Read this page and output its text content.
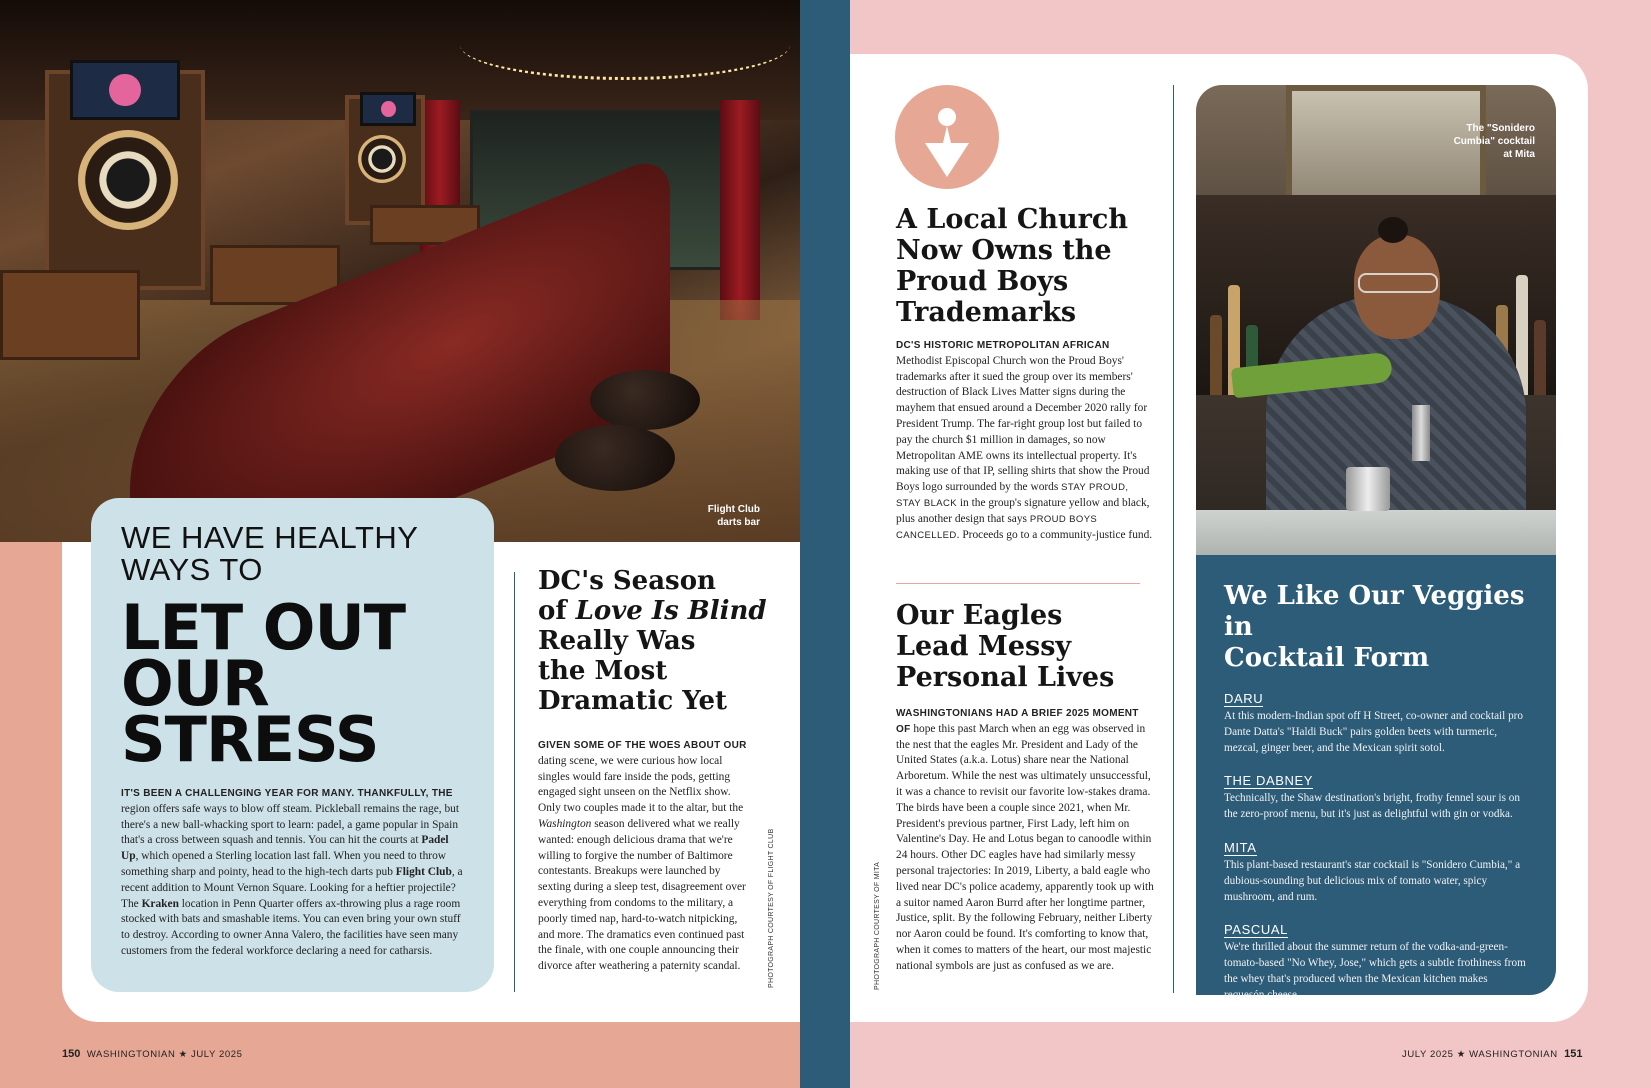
Flight Club
darts bar
WE HAVE HEALTHY
WAYS TO
LET OUT
OUR
STRESS

IT'S BEEN A CHALLENGING YEAR FOR MANY. THANKFULLY, THE region offers safe ways to blow off steam. Pickleball remains the rage, but there's a new ball-whacking sport to learn: padel, a game popular in Spain that's a cross between squash and tennis. You can hit the courts at Padel Up, which opened a Sterling location last fall. When you need to throw something sharp and pointy, head to the high-tech darts pub Flight Club, a recent addition to Mount Vernon Square. Looking for a heftier projectile? The Kraken location in Penn Quarter offers ax-throwing plus a rage room stocked with bats and smashable items. You can even bring your own stuff to destroy. According to owner Anna Valero, the facilities have seen many customers from the federal workforce declaring a need for catharsis.

DC's Season
of Love Is Blind
Really Was
the Most
Dramatic Yet

GIVEN SOME OF THE WOES ABOUT OUR dating scene, we were curious how local singles would fare inside the pods, getting engaged sight unseen on the Netflix show. Only two couples made it to the altar, but the Washington season delivered what we really wanted: enough delicious drama that we're willing to forgive the number of Baltimore contestants. Breakups were launched by sexting during a sleep test, disagreement over everything from condoms to the military, a poorly timed nap, hard-to-watch nitpicking, and more. The dramatics even continued past the finale, with one couple announcing their divorce after weathering a paternity scandal.	PHOTOGRAPH COURTESY OF FLIGHT CLUB
150 WASHINGTONIAN ★ JULY 2025
A Local Church
Now Owns the
Proud Boys
Trademarks

DC'S HISTORIC METROPOLITAN AFRICAN Methodist Episcopal Church won the Proud Boys' trademarks after it sued the group over its members' destruction of Black Lives Matter signs during the mayhem that ensued around a December 2020 rally for President Trump. The far-right group lost but failed to pay the church $1 million in damages, so now Metropolitan AME owns its intellectual property. It's making use of that IP, selling shirts that show the Proud Boys logo surrounded by the words STAY PROUD, STAY BLACK in the group's signature yellow and black, plus another design that says PROUD BOYS CANCELLED. Proceeds go to a community-justice fund.

Our Eagles
Lead Messy
Personal Lives

WASHINGTONIANS HAD A BRIEF 2025 MOMENT OF hope this past March when an egg was observed in the nest that the eagles Mr. President and Lady of the United States (a.k.a. Lotus) share near the National Arboretum. While the nest was ultimately unsuccessful, it was a chance to revisit our favorite low-stakes drama. The birds have been a couple since 2021, when Mr. President's previous partner, First Lady, left him on Valentine's Day. He and Lotus began to canoodle within 24 hours. Other DC eagles have had similarly messy personal trajectories: In 2019, Liberty, a bald eagle who lived near DC's police academy, apparently took up with a suitor named Aaron Burrd after her longtime partner, Justice, split. By the following February, neither Liberty nor Aaron could be found. It's comforting to know that, when it comes to matters of the heart, our most majestic national symbols are just as confused as we are.

PHOTOGRAPH COURTESY OF MITA
The "Sonidero
Cumbia" cocktail
at Mita
We Like Our Veggies in
Cocktail Form
DARU
At this modern-Indian spot off H Street, co-owner and cocktail pro Dante Datta's "Haldi Buck" pairs golden beets with turmeric, mezcal, ginger beer, and the Mexican spirit sotol.
THE DABNEY
Technically, the Shaw destination's bright, frothy fennel sour is on the zero-proof menu, but it's just as delightful with gin or vodka.
MITA
This plant-based restaurant's star cocktail is "Sonidero Cumbia," a dubious-sounding but delicious mix of tomato water, spicy mushroom, and rum.
PASCUAL
We're thrilled about the summer return of the vodka-and-green-tomato-based "No Whey, Jose," which gets a subtle frothiness from the whey that's produced when the Mexican kitchen makes requesón cheese.
JULY 2025 ★ WASHINGTONIAN 151
